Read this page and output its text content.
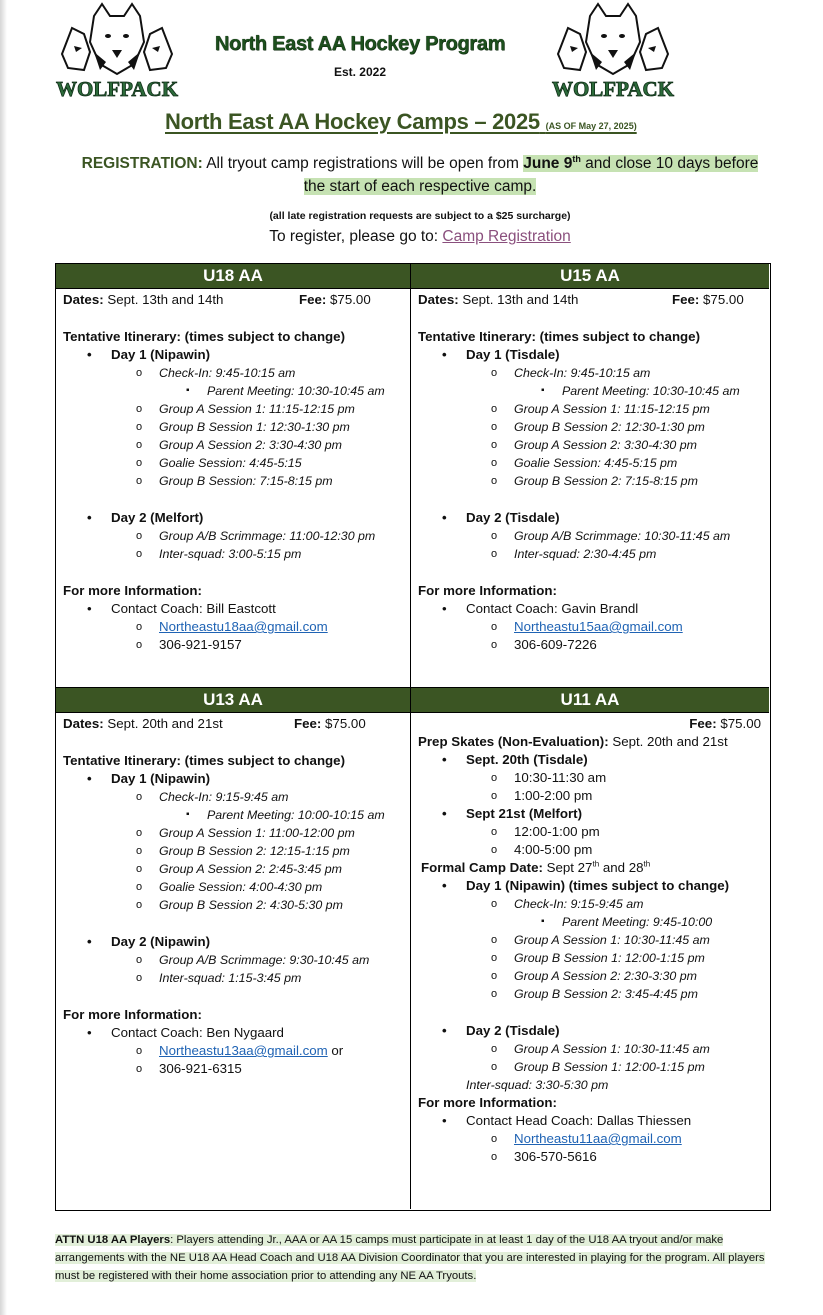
WOLFPACK	WOLFPACK
North East AA Hockey Program
Est. 2022
North East AA Hockey Camps – 2025 (AS OF May 27, 2025)
REGISTRATION: All tryout camp registrations will be open from June 9th and close 10 days before
the start of each respective camp.
(all late registration requests are subject to a $25 surcharge)
To register, please go to: Camp Registration
U18 AA
Dates: Sept. 13th and 14th	Fee: $75.00
Tentative Itinerary: (times subject to change)
• Day 1 (Nipawin)
o Check-In: 9:45-10:15 am
▪ Parent Meeting: 10:30-10:45 am
o Group A Session 1: 11:15-12:15 pm
o Group B Session 1: 12:30-1:30 pm
o Group A Session 2: 3:30-4:30 pm
o Goalie Session: 4:45-5:15
o Group B Session: 7:15-8:15 pm
• Day 2 (Melfort)
o Group A/B Scrimmage: 11:00-12:30 pm
o Inter-squad: 3:00-5:15 pm
For more Information:
• Contact Coach: Bill Eastcott
o Northeastu18aa@gmail.com
o 306-921-9157
U15 AA
Dates: Sept. 13th and 14th	Fee: $75.00
Tentative Itinerary: (times subject to change)
• Day 1 (Tisdale)
o Check-In: 9:45-10:15 am
▪ Parent Meeting: 10:30-10:45 am
o Group A Session 1: 11:15-12:15 pm
o Group B Session 2: 12:30-1:30 pm
o Group A Session 2: 3:30-4:30 pm
o Goalie Session: 4:45-5:15 pm
o Group B Session 2: 7:15-8:15 pm
• Day 2 (Tisdale)
o Group A/B Scrimmage: 10:30-11:45 am
o Inter-squad: 2:30-4:45 pm
For more Information:
• Contact Coach: Gavin Brandl
o Northeastu15aa@gmail.com
o 306-609-7226
U13 AA
Dates: Sept. 20th and 21st	Fee: $75.00
Tentative Itinerary: (times subject to change)
• Day 1 (Nipawin)
o Check-In: 9:15-9:45 am
▪ Parent Meeting: 10:00-10:15 am
o Group A Session 1: 11:00-12:00 pm
o Group B Session 2: 12:15-1:15 pm
o Group A Session 2: 2:45-3:45 pm
o Goalie Session: 4:00-4:30 pm
o Group B Session 2: 4:30-5:30 pm
• Day 2 (Nipawin)
o Group A/B Scrimmage: 9:30-10:45 am
o Inter-squad: 1:15-3:45 pm
For more Information:
• Contact Coach: Ben Nygaard
o Northeastu13aa@gmail.com or
o 306-921-6315
U11 AA
Fee: $75.00
Prep Skates (Non-Evaluation): Sept. 20th and 21st
• Sept. 20th (Tisdale)
o 10:30-11:30 am
o 1:00-2:00 pm
• Sept 21st (Melfort)
o 12:00-1:00 pm
o 4:00-5:00 pm
Formal Camp Date: Sept 27th and 28th
• Day 1 (Nipawin) (times subject to change)
o Check-In: 9:15-9:45 am
▪ Parent Meeting: 9:45-10:00
o Group A Session 1: 10:30-11:45 am
o Group B Session 1: 12:00-1:15 pm
o Group A Session 2: 2:30-3:30 pm
o Group B Session 2: 3:45-4:45 pm
• Day 2 (Tisdale)
o Group A Session 1: 10:30-11:45 am
o Group B Session 1: 12:00-1:15 pm
Inter-squad: 3:30-5:30 pm
For more Information:
• Contact Head Coach: Dallas Thiessen
o Northeastu11aa@gmail.com
o 306-570-5616
ATTN U18 AA Players: Players attending Jr., AAA or AA 15 camps must participate in at least 1 day of the U18 AA tryout and/or make arrangements with the NE U18 AA Head Coach and U18 AA Division Coordinator that you are interested in playing for the program. All players must be registered with their home association prior to attending any NE AA Tryouts.
